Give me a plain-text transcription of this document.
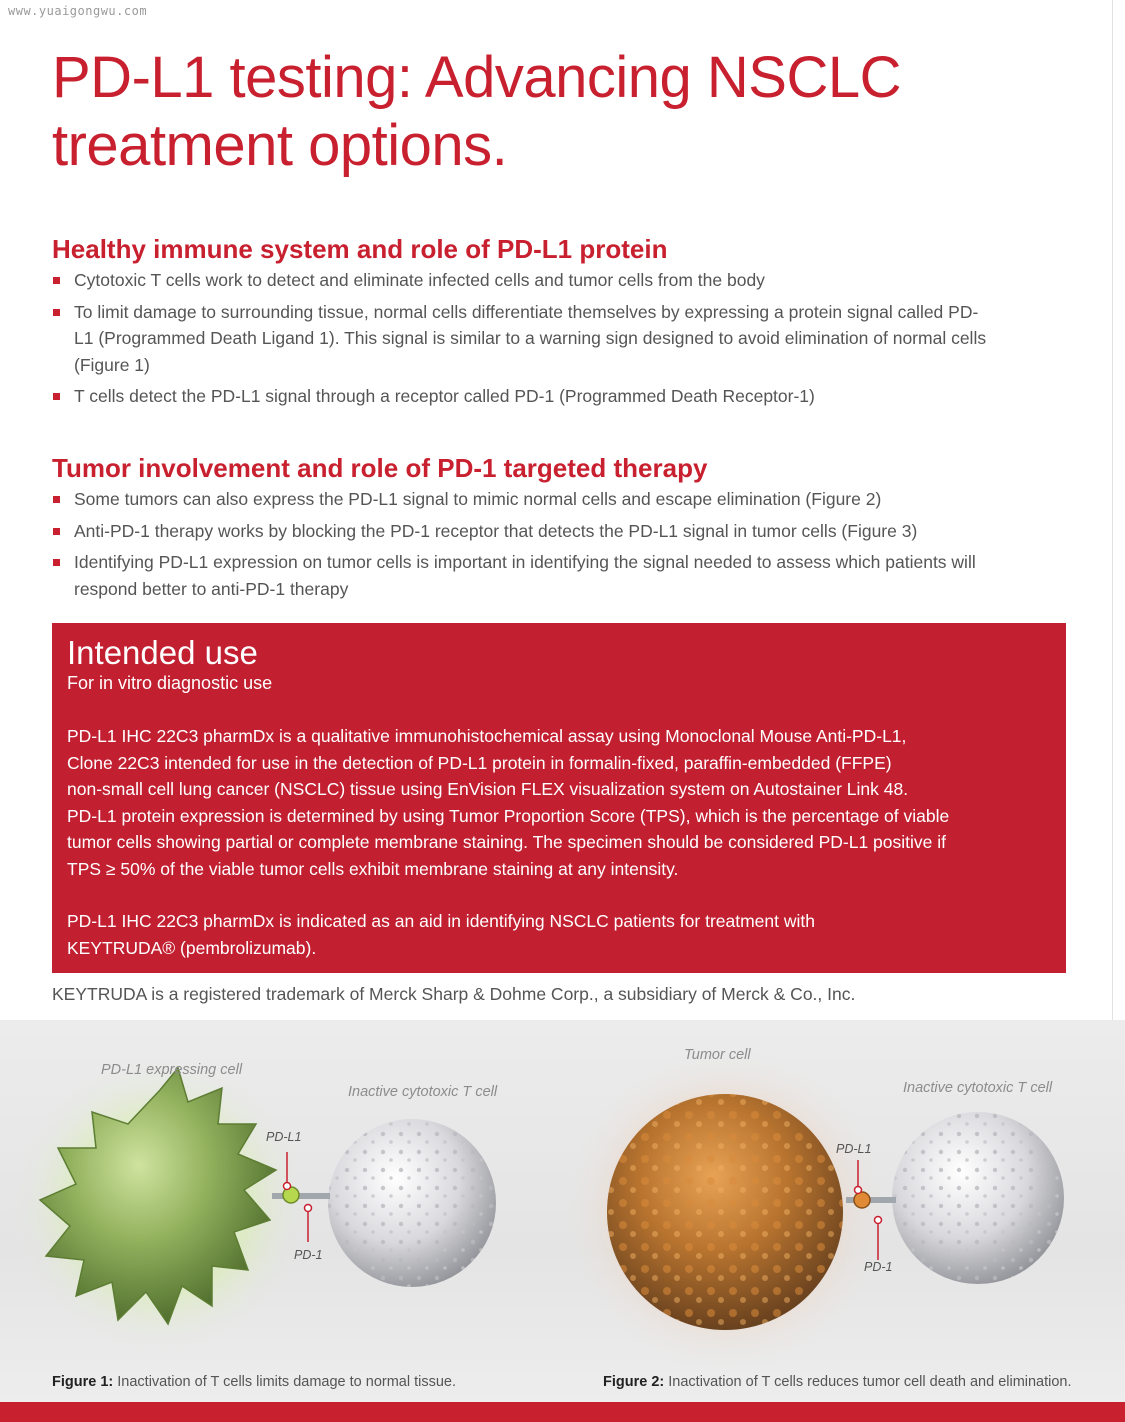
www.yuaigongwu.com
PD-L1 testing: Advancing NSCLC
treatment options.
Healthy immune system and role of PD-L1 protein
Cytotoxic T cells work to detect and eliminate infected cells and tumor cells from the body
To limit damage to surrounding tissue, normal cells differentiate themselves by expressing a protein signal called PD-L1 (Programmed Death Ligand 1). This signal is similar to a warning sign designed to avoid elimination of normal cells (Figure 1)
T cells detect the PD-L1 signal through a receptor called PD-1 (Programmed Death Receptor-1)
Tumor involvement and role of PD-1 targeted therapy
Some tumors can also express the PD-L1 signal to mimic normal cells and escape elimination (Figure 2)
Anti-PD-1 therapy works by blocking the PD-1 receptor that detects the PD-L1 signal in tumor cells (Figure 3)
Identifying PD-L1 expression on tumor cells is important in identifying the signal needed to assess which patients will respond better to anti-PD-1 therapy
Intended use
For in vitro diagnostic use

PD-L1 IHC 22C3 pharmDx is a qualitative immunohistochemical assay using Monoclonal Mouse Anti-PD-L1,
Clone 22C3 intended for use in the detection of PD-L1 protein in formalin-fixed, paraffin-embedded (FFPE)
non-small cell lung cancer (NSCLC) tissue using EnVision FLEX visualization system on Autostainer Link 48.
PD-L1 protein expression is determined by using Tumor Proportion Score (TPS), which is the percentage of viable
tumor cells showing partial or complete membrane staining. The specimen should be considered PD-L1 positive if
TPS ≥ 50% of the viable tumor cells exhibit membrane staining at any intensity.

PD-L1 IHC 22C3 pharmDx is indicated as an aid in identifying NSCLC patients for treatment with
KEYTRUDA® (pembrolizumab).

KEYTRUDA is a registered trademark of Merck Sharp & Dohme Corp., a subsidiary of Merck & Co., Inc.
PD-L1 expressing cell
Inactive cytotoxic T cell
PD-L1
PD-1
Tumor cell
Inactive cytotoxic T cell
PD-L1
PD-1
Figure 1: Inactivation of T cells limits damage to normal tissue.	Figure 2: Inactivation of T cells reduces tumor cell death and elimination.
